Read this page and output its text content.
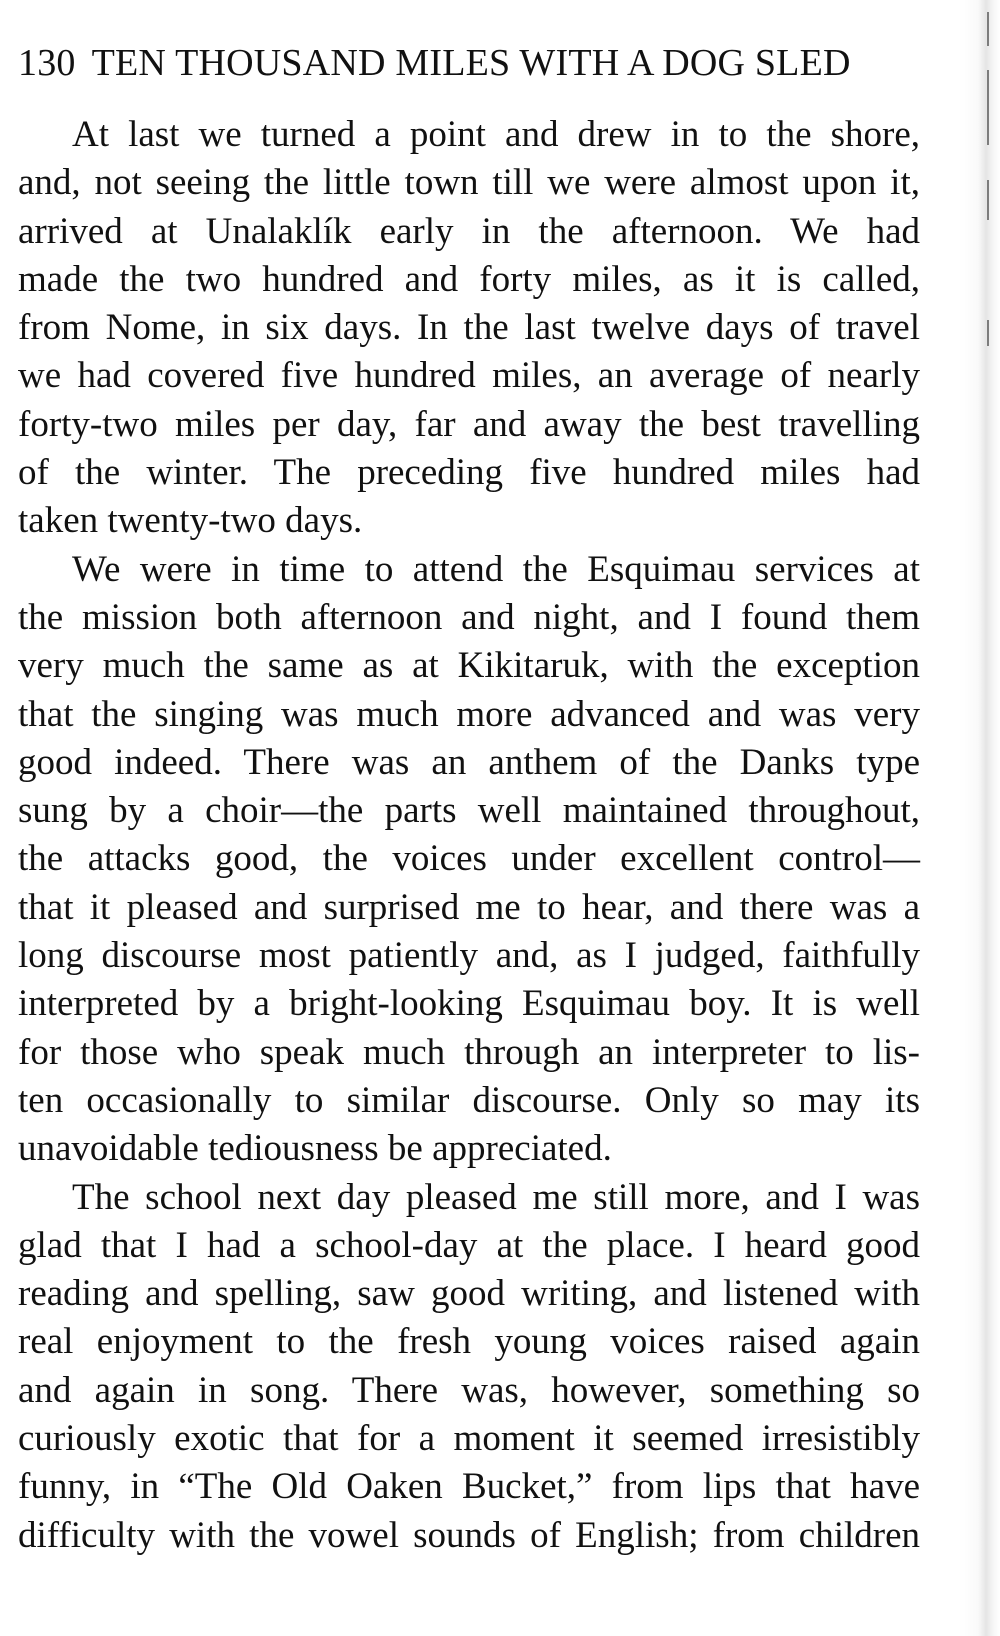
130 TEN THOUSAND MILES WITH A DOG SLED
At last we turned a point and drew in to the shore,
and, not seeing the little town till we were almost upon it,
arrived at Unalaklík early in the afternoon. We had
made the two hundred and forty miles, as it is called,
from Nome, in six days. In the last twelve days of travel
we had covered five hundred miles, an average of nearly
forty-two miles per day, far and away the best travelling
of the winter. The preceding five hundred miles had
taken twenty-two days.
We were in time to attend the Esquimau services at
the mission both afternoon and night, and I found them
very much the same as at Kikitaruk, with the exception
that the singing was much more advanced and was very
good indeed. There was an anthem of the Danks type
sung by a choir—the parts well maintained throughout,
the attacks good, the voices under excellent control—
that it pleased and surprised me to hear, and there was a
long discourse most patiently and, as I judged, faithfully
interpreted by a bright-looking Esquimau boy. It is well
for those who speak much through an interpreter to lis-
ten occasionally to similar discourse. Only so may its
unavoidable tediousness be appreciated.
The school next day pleased me still more, and I was
glad that I had a school-day at the place. I heard good
reading and spelling, saw good writing, and listened with
real enjoyment to the fresh young voices raised again
and again in song. There was, however, something so
curiously exotic that for a moment it seemed irresistibly
funny, in “The Old Oaken Bucket,” from lips that have
difficulty with the vowel sounds of English; from children
